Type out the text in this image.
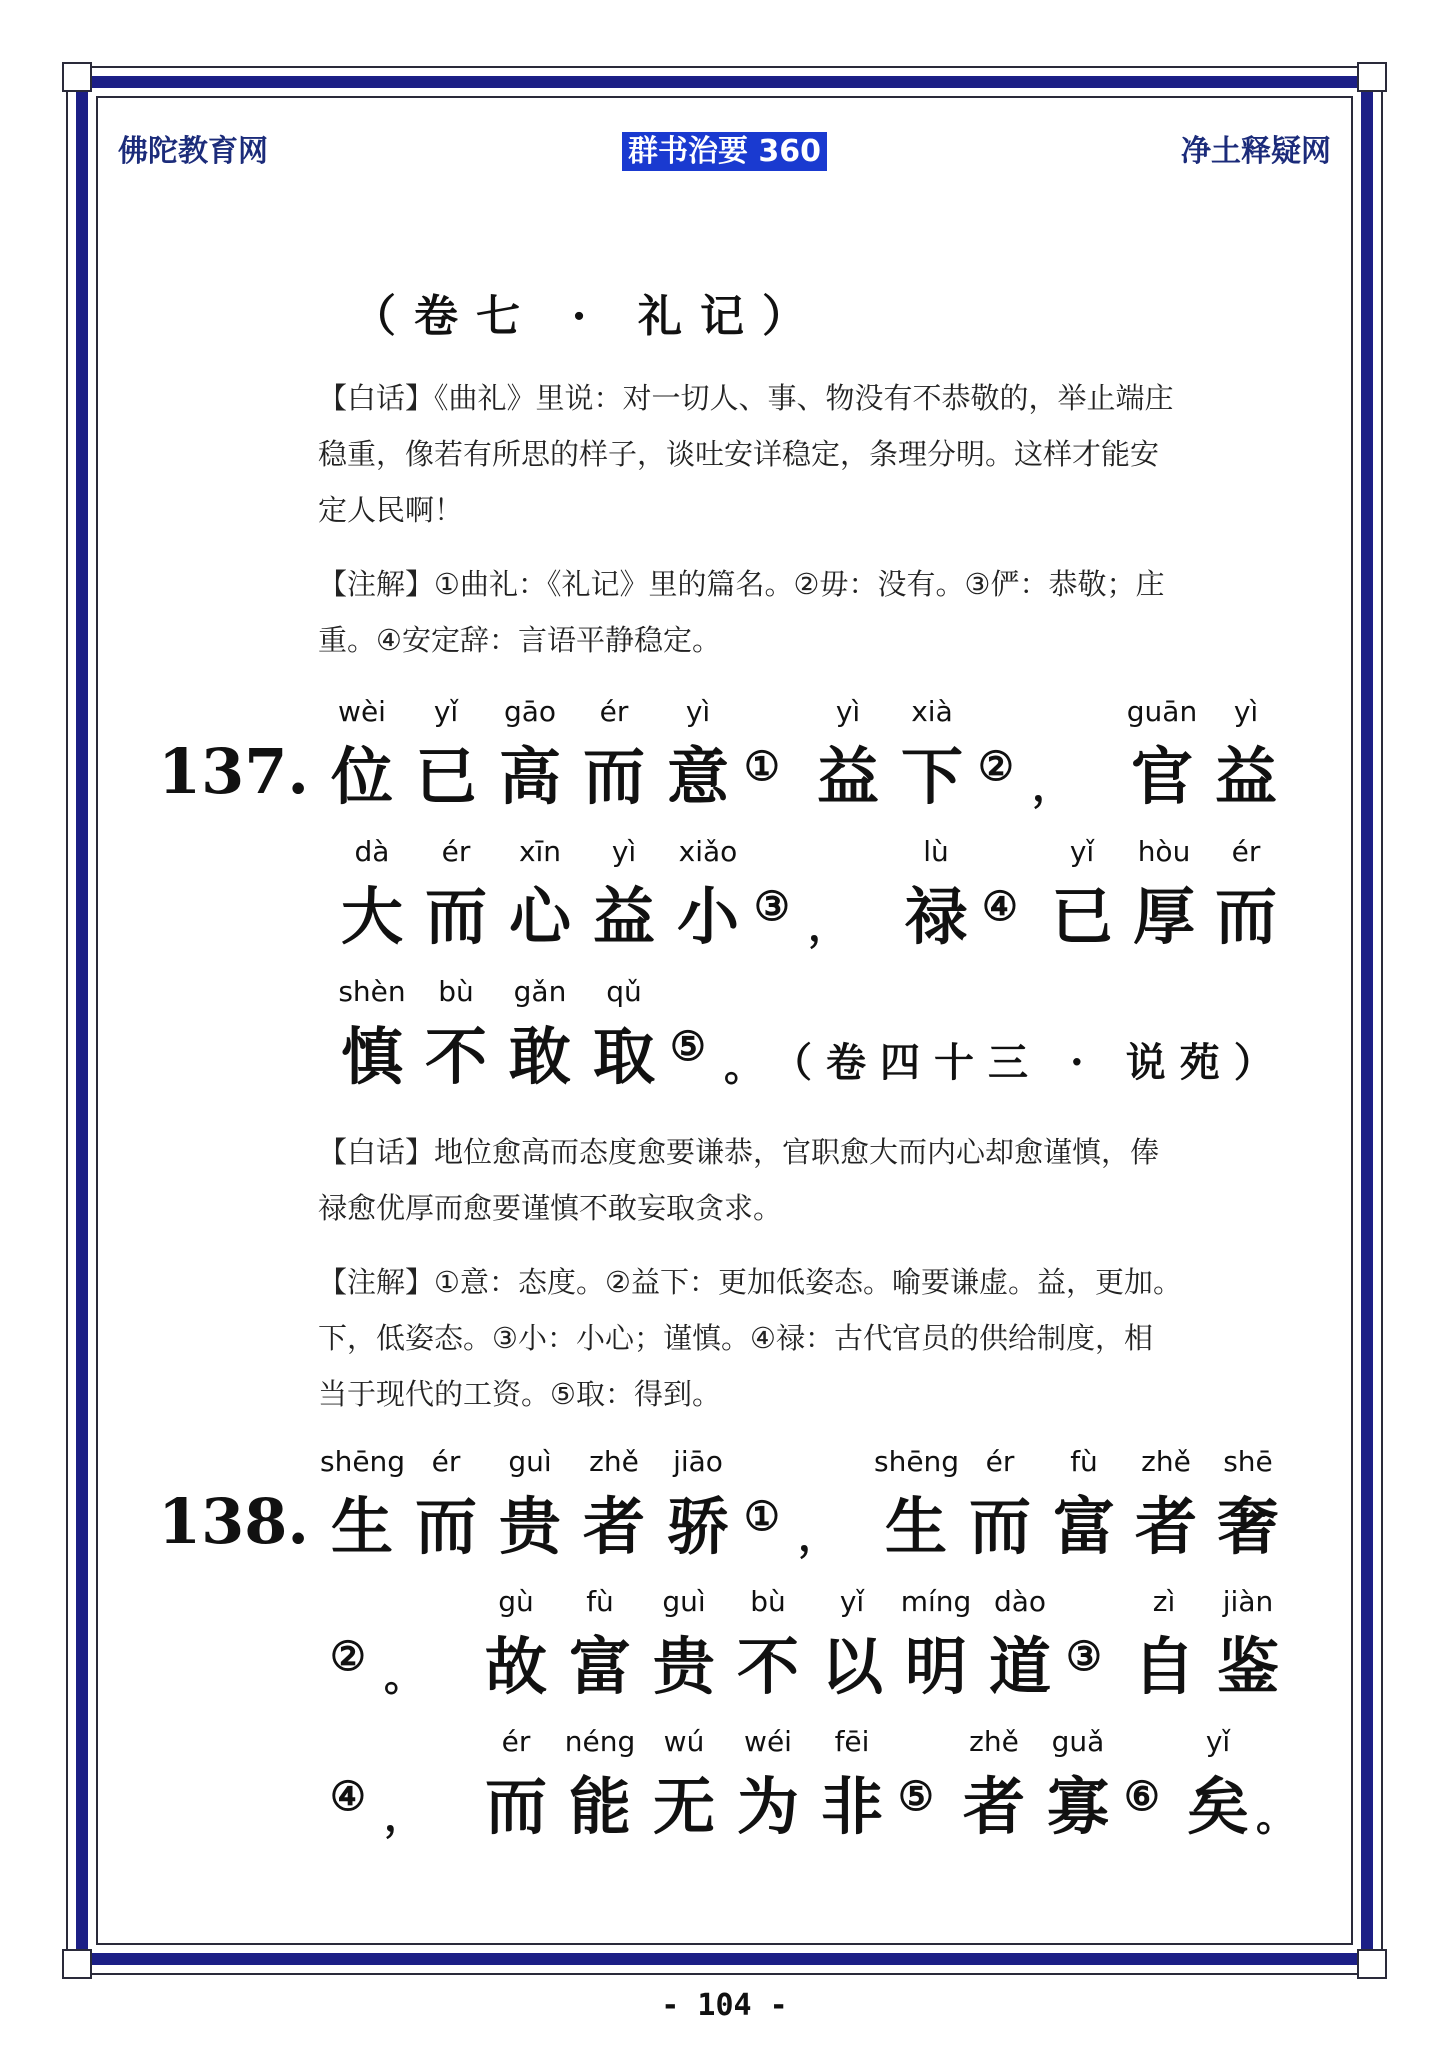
佛陀教育网	群书治要 360	净土释疑网
（卷七 · 礼记）
【白话】《曲礼》里说：对一切人、事、物没有不恭敬的，举止端庄
稳重，像若有所思的样子，谈吐安详稳定，条理分明。这样才能安
定人民啊！
【注解】①曲礼：《礼记》里的篇名。②毋：没有。③俨：恭敬；庄
重。④安定辞：言语平静稳定。
137.
wèi
位
yǐ
已
gāo
高
ér
而
yì
意 ①
yì
益
xià
下 ② ，
guān
官
yì
益
dà
大
ér
而
xīn
心
yì
益
xiǎo
小 ③ ，
lù
禄 ④
yǐ
已
hòu
厚
ér
而
shèn
慎
bù
不
gǎn
敢
qǔ
取 ⑤ 。 （卷四十三 · 说苑）
【白话】地位愈高而态度愈要谦恭，官职愈大而内心却愈谨慎，俸
禄愈优厚而愈要谨慎不敢妄取贪求。
【注解】①意：态度。②益下：更加低姿态。喻要谦虚。益，更加。
下，低姿态。③小：小心；谨慎。④禄：古代官员的供给制度，相
当于现代的工资。⑤取：得到。
138.
shēng
生
ér
而
guì
贵
zhě
者
jiāo
骄 ① ，
shēng
生
ér
而
fù
富
zhě
者
shē
奢
② 。
gù
故
fù
富
guì
贵
bù
不
yǐ
以
míng
明
dào
道 ③
zì
自
jiàn
鉴
④ ，
ér
而
néng
能
wú
无
wéi
为
fēi
非 ⑤
zhě
者
guǎ
寡 ⑥
yǐ
矣 。
- 104 -
